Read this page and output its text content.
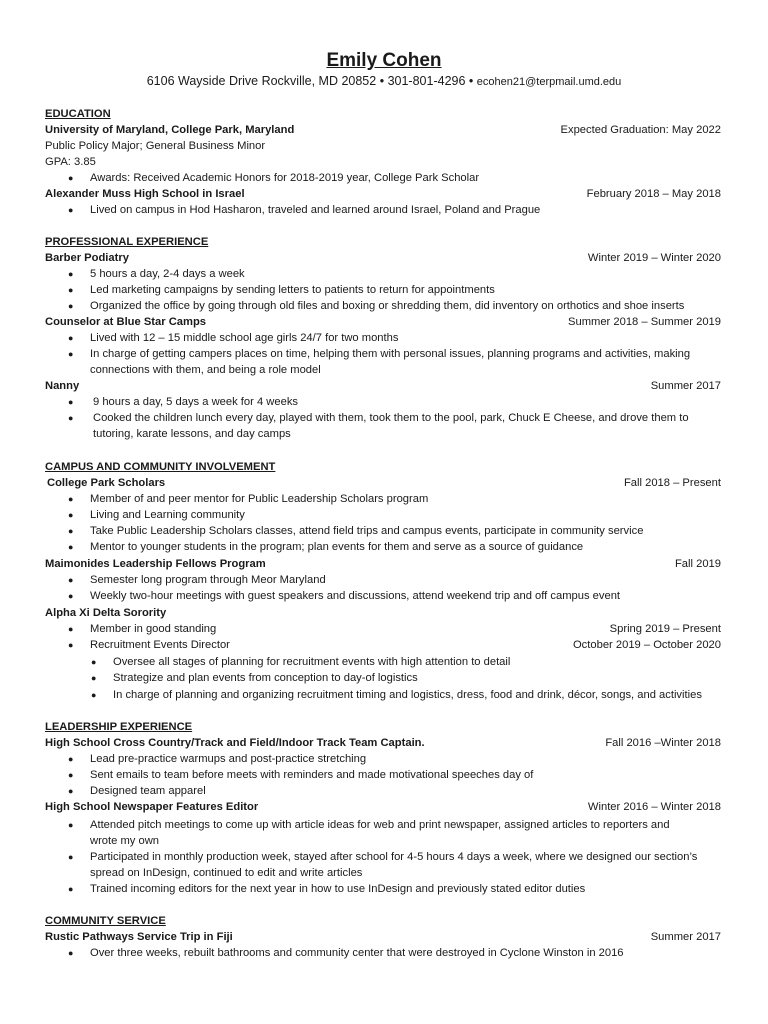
Emily Cohen
6106 Wayside Drive Rockville, MD 20852 • 301-801-4296 • ecohen21@terpmail.umd.edu
EDUCATION
University of Maryland, College Park, Maryland	Expected Graduation: May 2022
Public Policy Major; General Business Minor
GPA: 3.85
● Awards: Received Academic Honors for 2018-2019 year, College Park Scholar
Alexander Muss High School in Israel	February 2018 – May 2018
● Lived on campus in Hod Hasharon, traveled and learned around Israel, Poland and Prague
PROFESSIONAL EXPERIENCE
Barber Podiatry	Winter 2019 – Winter 2020
● 5 hours a day, 2-4 days a week
● Led marketing campaigns by sending letters to patients to return for appointments
● Organized the office by going through old files and boxing or shredding them, did inventory on orthotics and shoe inserts
Counselor at Blue Star Camps	Summer 2018 – Summer 2019
● Lived with 12 – 15 middle school age girls 24/7 for two months
● In charge of getting campers places on time, helping them with personal issues, planning programs and activities, making
connections with them, and being a role model
Nanny	Summer 2017
● 9 hours a day, 5 days a week for 4 weeks
● Cooked the children lunch every day, played with them, took them to the pool, park, Chuck E Cheese, and drove them to
tutoring, karate lessons, and day camps
CAMPUS AND COMMUNITY INVOLVEMENT
College Park Scholars	Fall 2018 – Present
● Member of and peer mentor for Public Leadership Scholars program
● Living and Learning community
● Take Public Leadership Scholars classes, attend field trips and campus events, participate in community service
● Mentor to younger students in the program; plan events for them and serve as a source of guidance
Maimonides Leadership Fellows Program	Fall 2019
● Semester long program through Meor Maryland
● Weekly two-hour meetings with guest speakers and discussions, attend weekend trip and off campus event
Alpha Xi Delta Sorority
● Member in good standing	Spring 2019 – Present
● Recruitment Events Director	October 2019 – October 2020
● Oversee all stages of planning for recruitment events with high attention to detail
● Strategize and plan events from conception to day-of logistics
● In charge of planning and organizing recruitment timing and logistics, dress, food and drink, décor, songs, and activities
LEADERSHIP EXPERIENCE
High School Cross Country/Track and Field/Indoor Track Team Captain.	Fall 2016 –Winter 2018
● Lead pre-practice warmups and post-practice stretching
● Sent emails to team before meets with reminders and made motivational speeches day of
● Designed team apparel
High School Newspaper Features Editor	Winter 2016 – Winter 2018
● Attended pitch meetings to come up with article ideas for web and print newspaper, assigned articles to reporters and
wrote my own
● Participated in monthly production week, stayed after school for 4-5 hours 4 days a week, where we designed our section’s
spread on InDesign, continued to edit and write articles
● Trained incoming editors for the next year in how to use InDesign and previously stated editor duties
COMMUNITY SERVICE
Rustic Pathways Service Trip in Fiji	Summer 2017
● Over three weeks, rebuilt bathrooms and community center that were destroyed in Cyclone Winston in 2016
